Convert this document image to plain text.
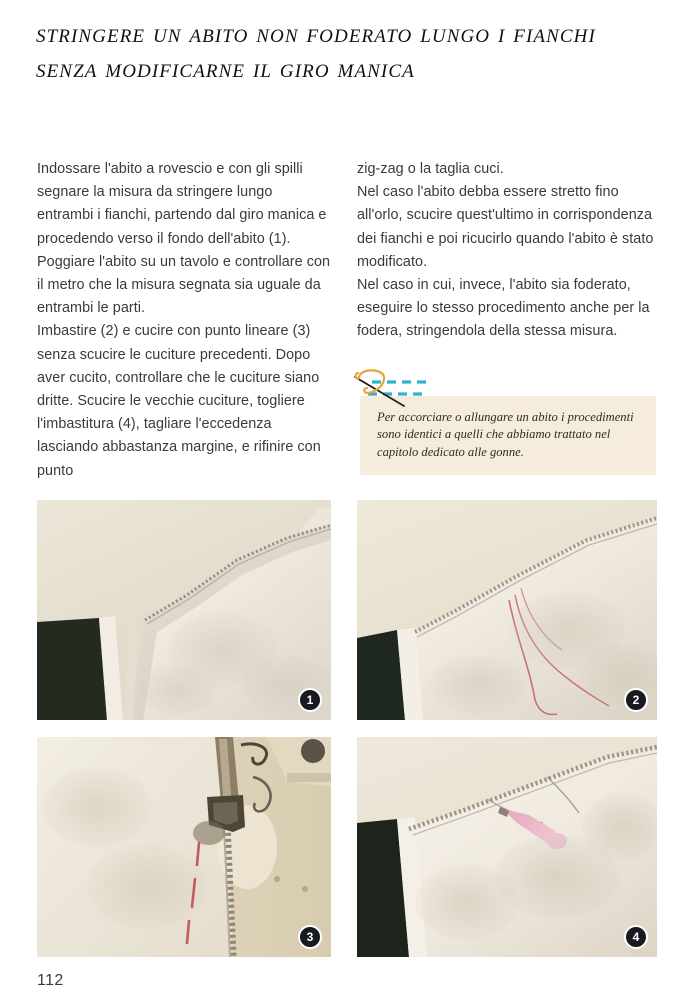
stringere un abito non foderato lungo i fianchi senza modificarne il giro manica

Indossare l'abito a rovescio e con gli spilli segnare la misura da stringere lungo entrambi i fianchi, partendo dal giro manica e procedendo verso il fondo dell'abito (1). Poggiare l'abito su un tavolo e controllare con il metro che la misura segnata sia uguale da entrambi le parti.

Imbastire (2) e cucire con punto lineare (3) senza scucire le cuciture precedenti. Dopo aver cucito, controllare che le cuciture siano dritte. Scucire le vecchie cuciture, togliere l'imbastitura (4), tagliare l'eccedenza lasciando abbastanza margine, e rifinire con punto

zig-zag o la taglia cuci.

Nel caso l'abito debba essere stretto fino all'orlo, scucire quest'ultimo in corrispondenza dei fianchi e poi ricucirlo quando l'abito è stato modificato.

Nel caso in cui, invece, l'abito sia foderato, eseguire lo stesso procedimento anche per la fodera, stringendola della stessa misura.

Per accorciare o allungare un abito i procedimenti sono identici a quelli che abbiamo trattato nel capitolo dedicato alle gonne.
1	2
3	4
112
